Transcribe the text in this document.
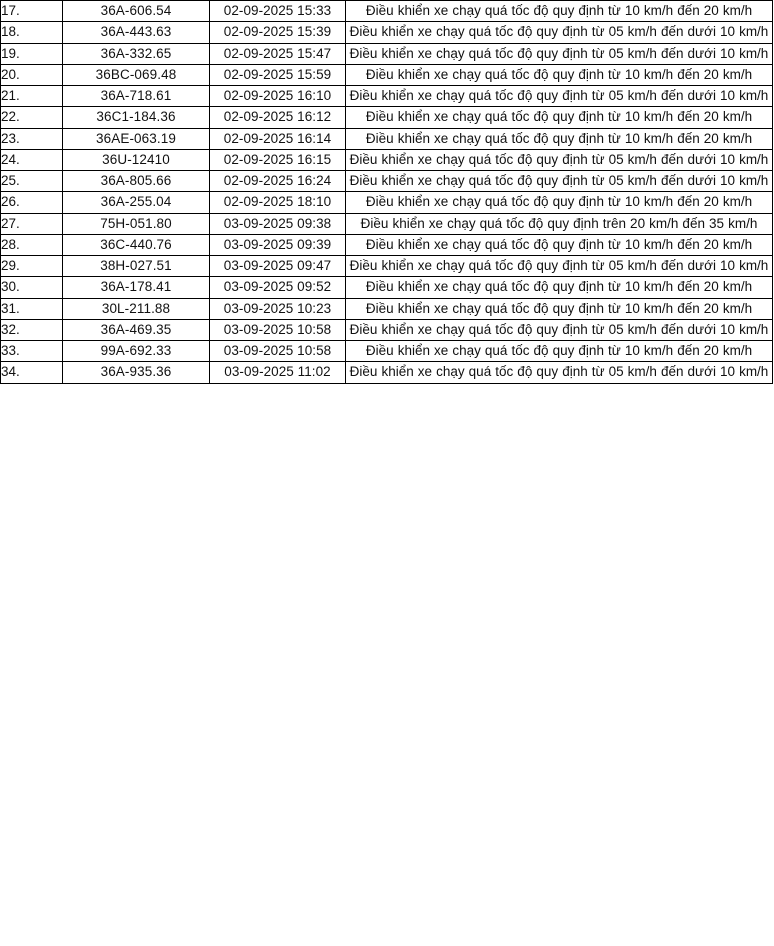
17.	36A-606.54	02-09-2025 15:33	Điều khiển xe chạy quá tốc độ quy định từ 10 km/h đến 20 km/h
18.	36A-443.63	02-09-2025 15:39	Điều khiển xe chạy quá tốc độ quy định từ 05 km/h đến dưới 10 km/h
19.	36A-332.65	02-09-2025 15:47	Điều khiển xe chạy quá tốc độ quy định từ 05 km/h đến dưới 10 km/h
20.	36BC-069.48	02-09-2025 15:59	Điều khiển xe chạy quá tốc độ quy định từ 10 km/h đến 20 km/h
21.	36A-718.61	02-09-2025 16:10	Điều khiển xe chạy quá tốc độ quy định từ 05 km/h đến dưới 10 km/h
22.	36C1-184.36	02-09-2025 16:12	Điều khiển xe chạy quá tốc độ quy định từ 10 km/h đến 20 km/h
23.	36AE-063.19	02-09-2025 16:14	Điều khiển xe chạy quá tốc độ quy định từ 10 km/h đến 20 km/h
24.	36U-12410	02-09-2025 16:15	Điều khiển xe chạy quá tốc độ quy định từ 05 km/h đến dưới 10 km/h
25.	36A-805.66	02-09-2025 16:24	Điều khiển xe chạy quá tốc độ quy định từ 05 km/h đến dưới 10 km/h
26.	36A-255.04	02-09-2025 18:10	Điều khiển xe chạy quá tốc độ quy định từ 10 km/h đến 20 km/h
27.	75H-051.80	03-09-2025 09:38	Điều khiển xe chạy quá tốc độ quy định trên 20 km/h đến 35 km/h
28.	36C-440.76	03-09-2025 09:39	Điều khiển xe chạy quá tốc độ quy định từ 10 km/h đến 20 km/h
29.	38H-027.51	03-09-2025 09:47	Điều khiển xe chạy quá tốc độ quy định từ 05 km/h đến dưới 10 km/h
30.	36A-178.41	03-09-2025 09:52	Điều khiển xe chạy quá tốc độ quy định từ 10 km/h đến 20 km/h
31.	30L-211.88	03-09-2025 10:23	Điều khiển xe chạy quá tốc độ quy định từ 10 km/h đến 20 km/h
32.	36A-469.35	03-09-2025 10:58	Điều khiển xe chạy quá tốc độ quy định từ 05 km/h đến dưới 10 km/h
33.	99A-692.33	03-09-2025 10:58	Điều khiển xe chạy quá tốc độ quy định từ 10 km/h đến 20 km/h
34.	36A-935.36	03-09-2025 11:02	Điều khiển xe chạy quá tốc độ quy định từ 05 km/h đến dưới 10 km/h
